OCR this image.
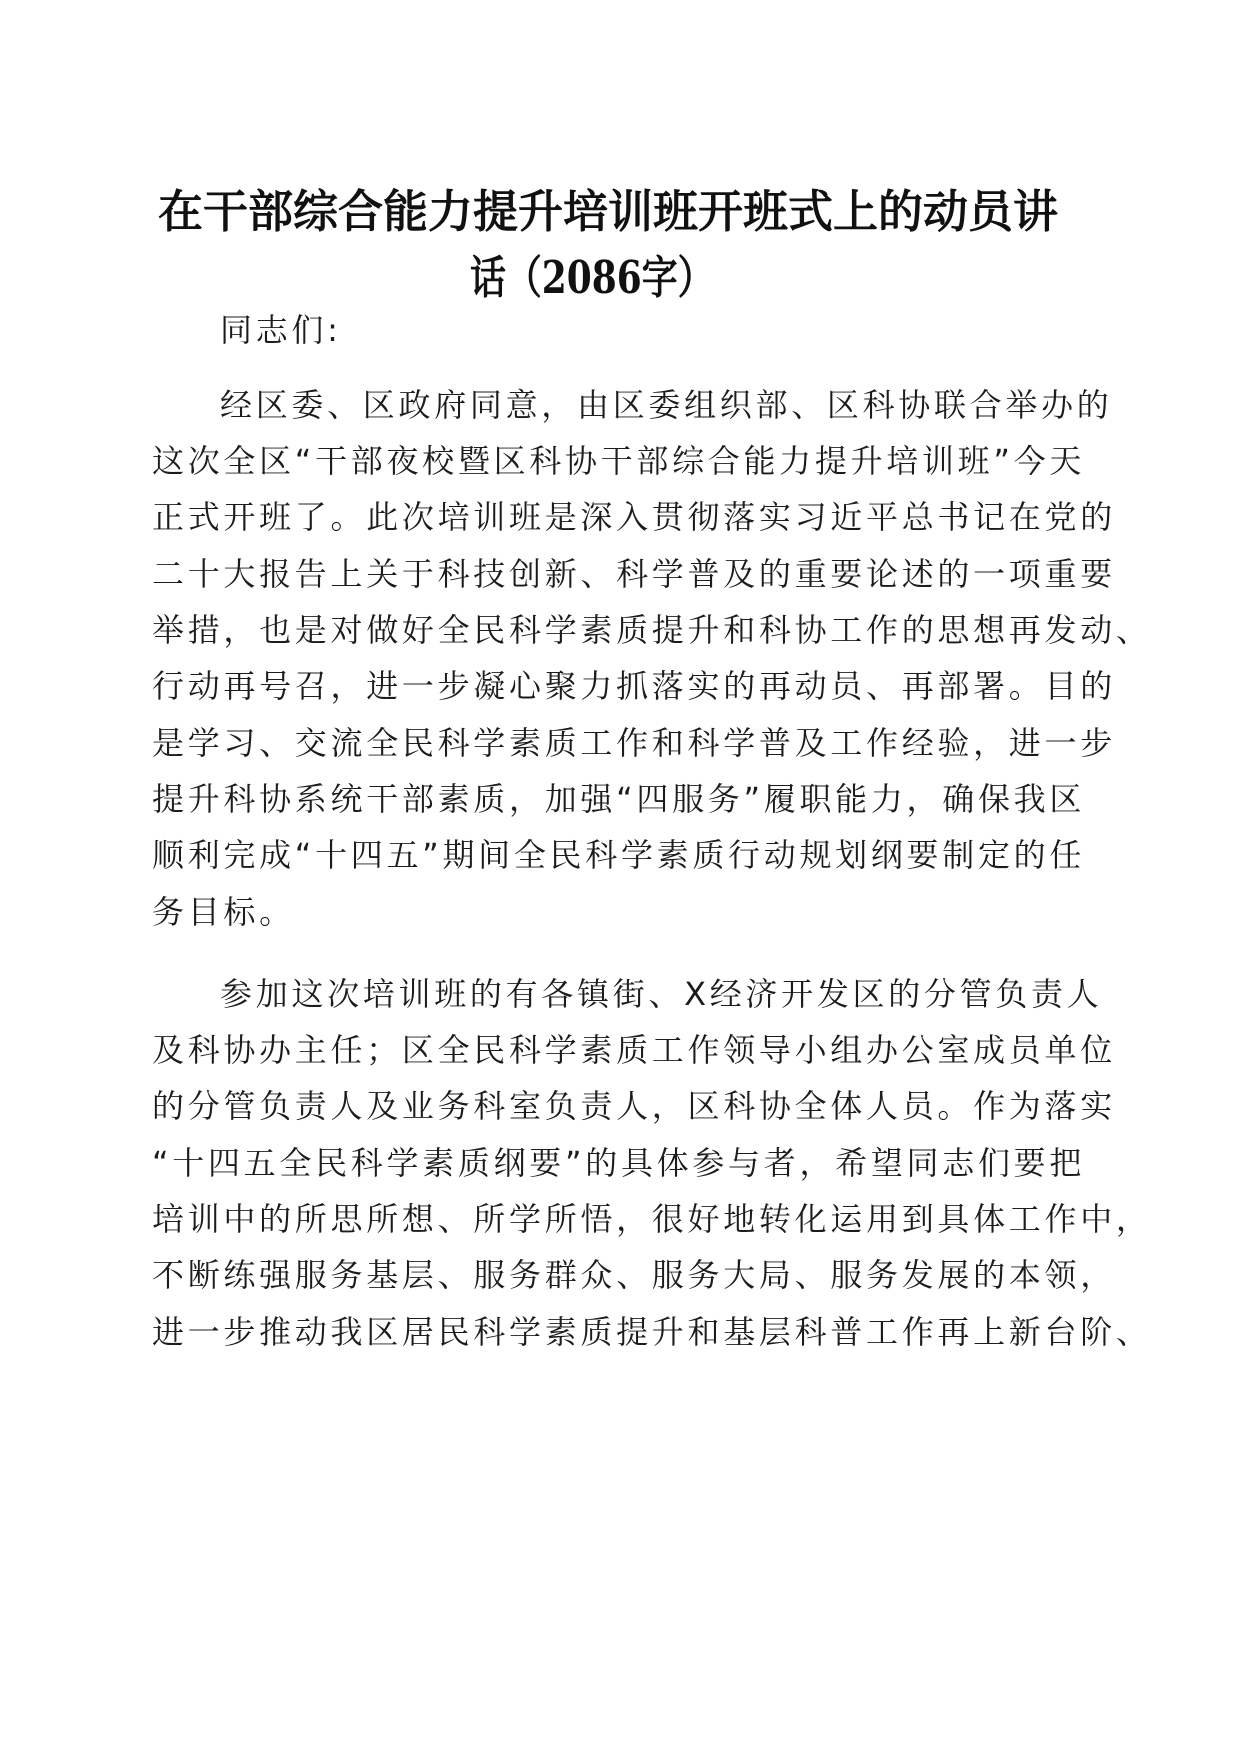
在干部综合能力提升培训班开班式上的动员讲
话（2086字）
同志们:
经区委、区政府同意，由区委组织部、区科协联合举办的
这次全区“干部夜校暨区科协干部综合能力提升培训班”今天
正式开班了。此次培训班是深入贯彻落实习近平总书记在党的
二十大报告上关于科技创新、科学普及的重要论述的一项重要
举措，也是对做好全民科学素质提升和科协工作的思想再发动、
行动再号召，进一步凝心聚力抓落实的再动员、再部署。目的
是学习、交流全民科学素质工作和科学普及工作经验，进一步
提升科协系统干部素质，加强“四服务”履职能力，确保我区
顺利完成“十四五”期间全民科学素质行动规划纲要制定的任
务目标。
参加这次培训班的有各镇街、X经济开发区的分管负责人
及科协办主任；区全民科学素质工作领导小组办公室成员单位
的分管负责人及业务科室负责人，区科协全体人员。作为落实
“十四五全民科学素质纲要”的具体参与者，希望同志们要把
培训中的所思所想、所学所悟，很好地转化运用到具体工作中，
不断练强服务基层、服务群众、服务大局、服务发展的本领，
进一步推动我区居民科学素质提升和基层科普工作再上新台阶、
